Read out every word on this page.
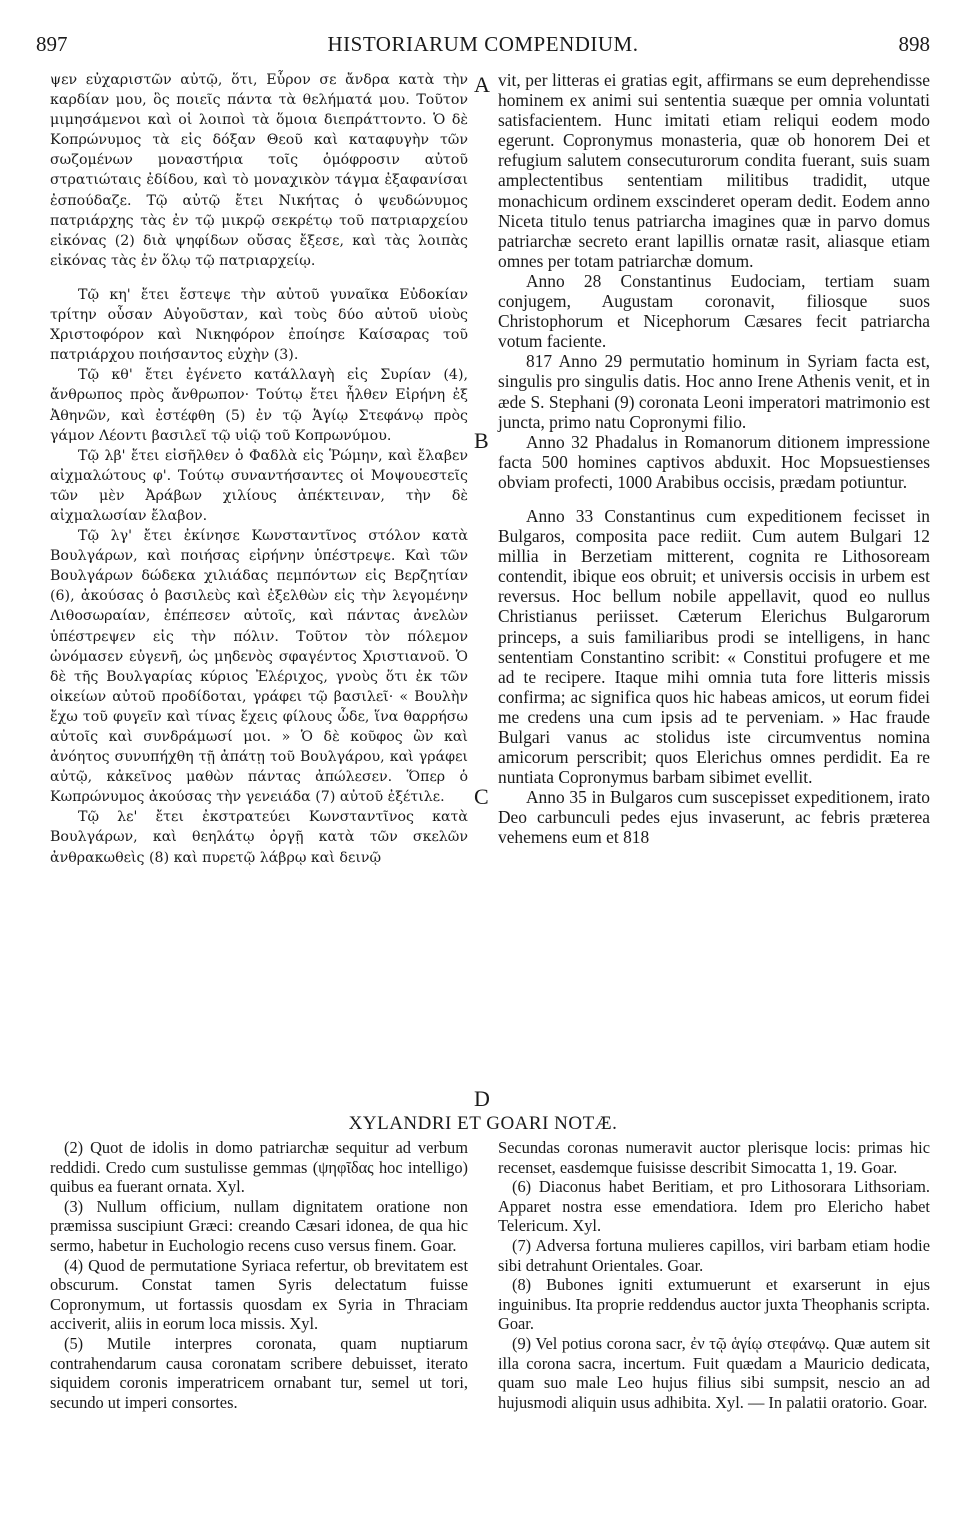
897	HISTORIARUM COMPENDIUM.	898

ψεν εὐχαριστῶν αὐτῷ, ὅτι, Εὗρον σε ἄνδρα κατὰ τὴν καρδίαν μου, ὃς ποιεῖς πάντα τὰ θελήματά μου. Τοῦτον μιμησάμενοι καὶ οἱ λοιποὶ τὰ ὅμοια διεπράττοντο. Ὁ δὲ Κοπρώνυμος τὰ εἰς δόξαν Θεοῦ καὶ καταφυγὴν τῶν σωζομένων μοναστήρια τοῖς ὁμόφροσιν αὐτοῦ στρατιώταις ἐδίδου, καὶ τὸ μοναχικὸν τάγμα ἐξαφανίσαι ἐσπούδαζε. Τῷ αὐτῷ ἔτει Νικήτας ὁ ψευδώνυμος πατριάρχης τὰς ἐν τῷ μικρῷ σεκρέτῳ τοῦ πατριαρχείου εἰκόνας (2) διὰ ψηφίδων οὔσας ἔξεσε, καὶ τὰς λοιπὰς εἰκόνας τὰς ἐν ὅλῳ τῷ πατριαρχείῳ.

Τῷ κη' ἔτει ἔστεψε τὴν αὐτοῦ γυναῖκα Εὐδοκίαν τρίτην οὖσαν Αὐγοῦσταν, καὶ τοὺς δύο αὐτοῦ υἱοὺς Χριστοφόρον καὶ Νικηφόρον ἐποίησε Καίσαρας τοῦ πατριάρχου ποιήσαντος εὐχὴν (3).

Τῷ κθ' ἔτει ἐγένετο κατάλλαγὴ εἰς Συρίαν (4), ἄνθρωπος πρὸς ἄνθρωπον· Τούτῳ ἔτει ἦλθεν Εἰρήνη ἐξ Ἀθηνῶν, καὶ ἐστέφθη (5) ἐν τῷ Ἁγίῳ Στεφάνῳ πρὸς γάμον Λέοντι βασιλεῖ τῷ υἱῷ τοῦ Κοπρωνύμου.

Τῷ λβ' ἔτει εἰσῆλθεν ὁ Φαδλὰ εἰς Ῥώμην, καὶ ἔλαβεν αἰχμαλώτους φ'. Τούτῳ συναντήσαντες οἱ Μοψουεστεῖς τῶν μὲν Ἀράβων χιλίους ἀπέκτειναν, τὴν δὲ αἰχμαλωσίαν ἔλαβον.

Τῷ λγ' ἔτει ἐκίνησε Κωνσταντῖνος στόλον κατὰ Βουλγάρων, καὶ ποιήσας εἰρήνην ὑπέστρεψε. Καὶ τῶν Βουλγάρων δώδεκα χιλιάδας πεμπόντων εἰς Βερζητίαν (6), ἀκούσας ὁ βασιλεὺς καὶ ἐξελθὼν εἰς τὴν λεγομένην Λιθοσωραίαν, ἐπέπεσεν αὐτοῖς, καὶ πάντας ἀνελὼν ὑπέστρεψεν εἰς τὴν πόλιν. Τοῦτον τὸν πόλεμον ὠνόμασεν εὐγενῆ, ὡς μηδενὸς σφαγέντος Χριστιανοῦ. Ὁ δὲ τῆς Βουλγαρίας κύριος Ἐλέριχος, γνοὺς ὅτι ἐκ τῶν οἰκείων αὐτοῦ προδίδοται, γράφει τῷ βασιλεῖ· « Βουλὴν ἔχω τοῦ φυγεῖν καὶ τίνας ἔχεις φίλους ὧδε, ἵνα θαρρήσω αὐτοῖς καὶ συνδράμωσί μοι. » Ὁ δὲ κοῦφος ὢν καὶ ἀνόητος συνυπήχθη τῇ ἀπάτῃ τοῦ Βουλγάρου, καὶ γράφει αὐτῷ, κἀκεῖνος μαθὼν πάντας ἀπώλεσεν. Ὅπερ ὁ Κωπρώνυμος ἀκούσας τὴν γενειάδα (7) αὐτοῦ ἐξέτιλε.

Τῷ λε' ἔτει ἐκστρατεύει Κωνσταντῖνος κατὰ Βουλγάρων, καὶ θεηλάτῳ ὀργῇ κατὰ τῶν σκελῶν ἀνθρακωθεὶς (8) καὶ πυρετῷ λάβρῳ καὶ δεινῷ

A
B
C
D

vit, per litteras ei gratias egit, affirmans se eum deprehendisse hominem ex animi sui sententia suæque per omnia voluntati satisfacientem. Hunc imitati etiam reliqui eodem modo egerunt. Copronymus monasteria, quæ ob honorem Dei et refugium salutem consecuturorum condita fuerant, suis suam amplectentibus sententiam militibus tradidit, utque monachicum ordinem exscinderet operam dedit. Eodem anno Niceta titulo tenus patriarcha imagines quæ in parvo domus patriarchæ secreto erant lapillis ornatæ rasit, aliasque etiam omnes per totam patriarchæ domum.

Anno 28 Constantinus Eudociam, tertiam suam conjugem, Augustam coronavit, filiosque suos Christophorum et Nicephorum Cæsares fecit patriarcha votum faciente.

817 Anno 29 permutatio hominum in Syriam facta est, singulis pro singulis datis. Hoc anno Irene Athenis venit, et in æde S. Stephani (9) coronata Leoni imperatori matrimonio est juncta, primo natu Copronymi filio.

Anno 32 Phadalus in Romanorum ditionem impressione facta 500 homines captivos abduxit. Hoc Mopsuestienses obviam profecti, 1000 Arabibus occisis, prædam potiuntur.

Anno 33 Constantinus cum expeditionem fecisset in Bulgaros, composita pace rediit. Cum autem Bulgari 12 millia in Berzetiam mitterent, cognita re Lithosoream contendit, ibique eos obruit; et universis occisis in urbem est reversus. Hoc bellum nobile appellavit, quod eo nullus Christianus periisset. Cæterum Elerichus Bulgarorum princeps, a suis familiaribus prodi se intelligens, in hanc sententiam Constantino scribit: « Constitui profugere et me ad te recipere. Itaque mihi omnia tuta fore litteris missis confirma; ac significa quos hic habeas amicos, ut eorum fidei me credens una cum ipsis ad te perveniam. » Hac fraude Bulgari vanus ac stolidus iste circumventus nomina amicorum perscribit; quos Elerichus omnes perdidit. Ea re nuntiata Copronymus barbam sibimet evellit.

Anno 35 in Bulgaros cum suscepisset expeditionem, irato Deo carbunculi pedes ejus invaserunt, ac febris præterea vehemens eum et 818

XYLANDRI ET GOARI NOTÆ.

(2) Quot de idolis in domo patriarchæ sequitur ad verbum reddidi. Credo cum sustulisse gemmas (ψηφῖδας hoc intelligo) quibus ea fuerant ornata. Xyl.

(3) Nullum officium, nullam dignitatem orationе non præmissa suscipiunt Græci: creando Cæsari idonea, de qua hic sermo, habetur in Euchologio recens cuso versus finem. Goar.

(4) Quod de permutatione Syriaca refertur, ob brevitatem est obscurum. Constat tamen Syris delectatum fuisse Copronymum, ut fortassis quosdam ex Syria in Thraciam acciverit, aliis in eorum loca missis. Xyl.

(5) Mutile interpres coronata, quam nuptiarum contrahendarum causa coronatam scribere debuisset, iterato siquidem coronis imperatricem ornabant tur, semel ut tori, secundo ut imperi consortes.

Secundas coronas numeravit auctor plerisque locis: primas hic recenset, easdemque fuisisse describit Simocatta 1, 19. Goar.

(6) Diaconus habet Beritiam, et pro Lithosorara Lithsoriam. Apparet nostra esse emendatiora. Idem pro Elericho habet Telericum. Xyl.

(7) Adversa fortuna mulieres capillos, viri barbam etiam hodie sibi detrahunt Orientales. Goar.

(8) Bubones igniti extumuerunt et exarserunt in ejus inguinibus. Ita proprie reddendus auctor juxta Theophanis scripta. Goar.

(9) Vel potius corona sacr, ἐν τῷ ἁγίῳ στεφάνῳ. Quæ autem sit illa corona sacra, incertum. Fuit quædam a Mauricio dedicata, quam suo male Leo hujus filius sibi sumpsit, nescio an ad hujusmodi aliquin usus adhibita. Xyl. — In palatii oratorio. Goar.
